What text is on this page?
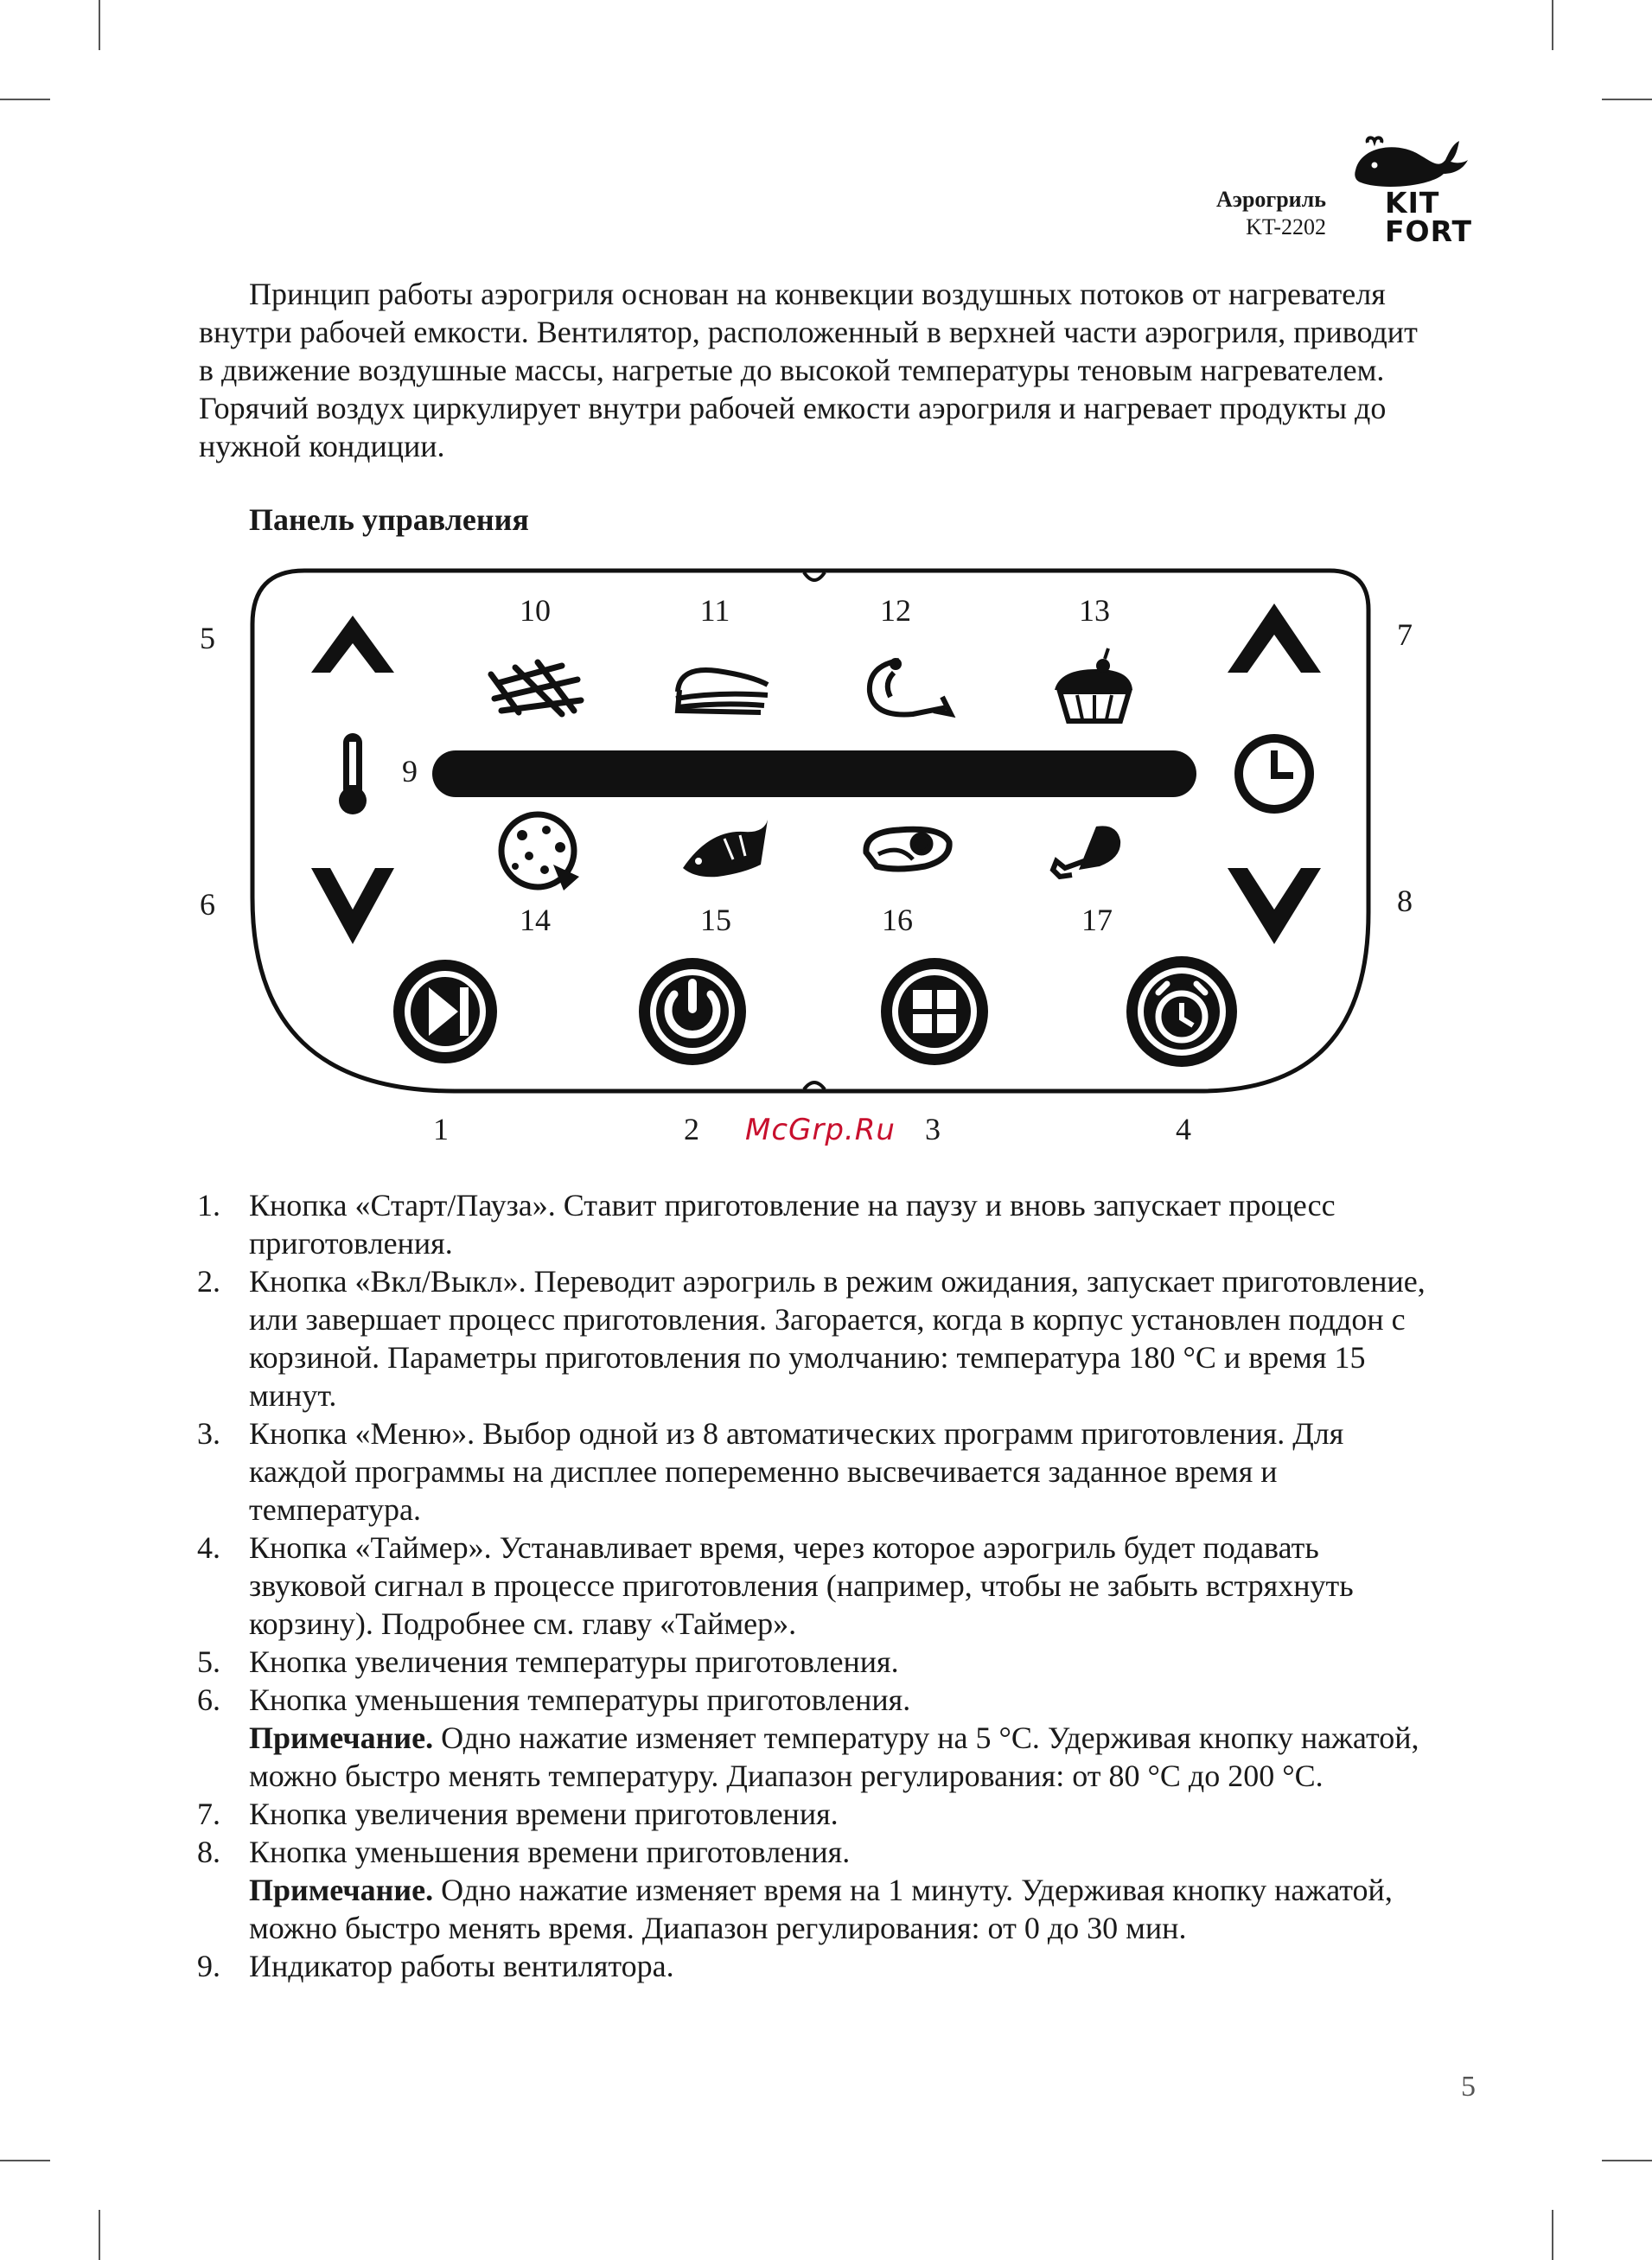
Аэрогриль
KT-2202
KIT
FORT
Принцип работы аэрогриля основан на конвекции воздушных потоков от нагревателя внутри рабочей емкости. Вентилятор, расположенный в верхней части аэрогриля, приводит в движение воздушные массы, нагретые до высокой температуры теновым нагревателем. Горячий воздух циркулирует внутри рабочей емкости аэрогриля и нагревает продукты до нужной кондиции.
Панель управления
1	2	3	4
5
6
7
8
9
10	11	12	13
14	15	16	17
McGrp.Ru
1. Кнопка «Старт/Пауза». Ставит приготовление на паузу и вновь запускает процесс приготовления.
2. Кнопка «Вкл/Выкл». Переводит аэрогриль в режим ожидания, запускает приготовление, или завершает процесс приготовления. Загорается, когда в корпус установлен поддон с корзиной. Параметры приготовления по умолчанию: температура 180 °С и время 15 минут.
3. Кнопка «Меню». Выбор одной из 8 автоматических программ приготовления. Для каждой программы на дисплее попеременно высвечивается заданное время и температура.
4. Кнопка «Таймер». Устанавливает время, через которое аэрогриль будет подавать звуковой сигнал в процессе приготовления (например, чтобы не забыть встряхнуть корзину). Подробнее см. главу «Таймер».
5. Кнопка увеличения температуры приготовления.
6. Кнопка уменьшения температуры приготовления.
Примечание. Одно нажатие изменяет температуру на 5 °С. Удерживая кнопку нажатой, можно быстро менять температуру. Диапазон регулирования: от 80 °С до 200 °С.
7. Кнопка увеличения времени приготовления.
8. Кнопка уменьшения времени приготовления.
Примечание. Одно нажатие изменяет время на 1 минуту. Удерживая кнопку нажатой, можно быстро менять время. Диапазон регулирования: от 0 до 30 мин.
9. Индикатор работы вентилятора.
5
